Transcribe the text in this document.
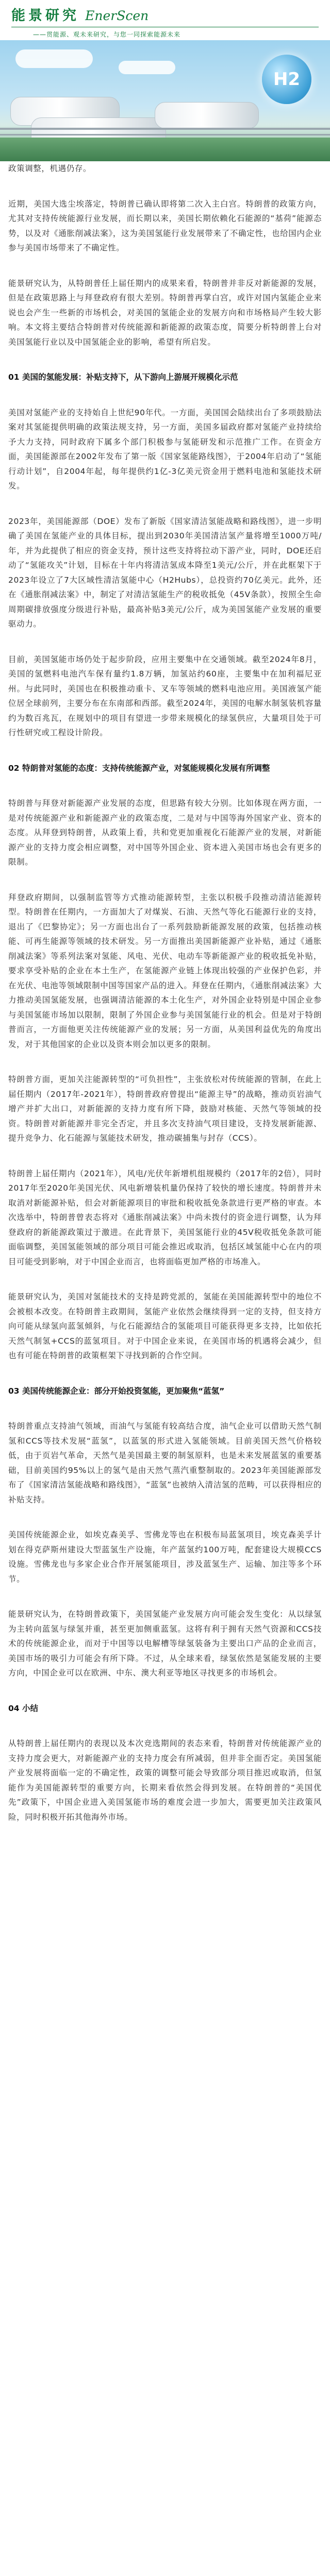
能景研究 EnerScen
——贯能源、观未来研究，与您一同探索能源未来
H2

政策调整，机遇仍存。

近期，美国大选尘埃落定，特朗普已确认即将第二次入主白宫。特朗普的政策方向，尤其对支持传统能源行业发展，而长期以来，美国长期依赖化石能源的“基荷”能源态势，以及对《通胀削减法案》，这为美国氢能行业发展带来了不确定性，也给国内企业参与美国市场带来了不确定性。

能景研究认为，从特朗普任上届任期内的成果来看，特朗普并非反对新能源的发展，但是在政策思路上与拜登政府有很大差别。特朗普再掌白宫，或许对国内氢能企业来说也会产生一些新的市场机会，对美国的氢能企业的发展方向和市场格局产生较大影响。本文将主要结合特朗普对传统能源和新能源的政策态度，简要分析特朗普上台对美国氢能行业以及中国氢能企业的影响，希望有所启发。

01 美国的氢能发展：补贴支持下，从下游向上游展开规模化示范

美国对氢能产业的支持始自上世纪90年代。一方面，美国国会陆续出台了多项鼓励法案对其氢能提供明确的政策法规支持，另一方面，美国多届政府都对氢能产业持续给予大力支持，同时政府下属多个部门积极参与氢能研发和示范推广工作。在资金方面，美国能源部在2002年发布了第一版《国家氢能路线图》，于2004年启动了“氢能行动计划”，自2004年起，每年提供约1亿-3亿美元资金用于燃料电池和氢能技术研发。

2023年，美国能源部（DOE）发布了新版《国家清洁氢能战略和路线图》，进一步明确了美国在氢能产业的具体目标，提出到2030年美国清洁氢产量将增至1000万吨/年，并为此提供了相应的资金支持，预计这些支持将拉动下游产业，同时，DOE还启动了“氢能攻关”计划，目标在十年内将清洁氢成本降至1美元/公斤，并在此框架下于2023年设立了7大区域性清洁氢能中心（H2Hubs），总投资约70亿美元。此外，还在《通胀削减法案》中，制定了对清洁氢能生产的税收抵免（45V条款），按照全生命周期碳排放强度分级进行补贴，最高补贴3美元/公斤，成为美国氢能产业发展的重要驱动力。

目前，美国氢能市场仍处于起步阶段，应用主要集中在交通领域。截至2024年8月，美国的氢燃料电池汽车保有量约1.8万辆，加氢站约60座，主要集中在加利福尼亚州。与此同时，美国也在积极推动重卡、叉车等领域的燃料电池应用。美国液氢产能位居全球前列，主要分布在东南部和西部。截至2024年，美国的电解水制氢装机容量约为数百兆瓦，在规划中的项目有望进一步带来规模化的绿氢供应，大量项目处于可行性研究或工程设计阶段。

02 特朗普对氢能的态度：支持传统能源产业，对氢能规模化发展有所调整

特朗普与拜登对新能源产业发展的态度，但思路有较大分别。比如体现在两方面，一是对传统能源产业和新能源产业的政策态度，二是对与中国等海外国家产业、资本的态度。从拜登到特朗普，从政策上看，共和党更加重视化石能源产业的发展，对新能源产业的支持力度会相应调整，对中国等外国企业、资本进入美国市场也会有更多的限制。

拜登政府期间，以强制监管等方式推动能源转型，主张以积极手段推动清洁能源转型。特朗普在任期内，一方面加大了对煤炭、石油、天然气等化石能源行业的支持，退出了《巴黎协定》；另一方面也出台了一系列鼓励新能源发展的政策，包括推动核能、可再生能源等领域的技术研发。另一方面推出美国新能源产业补贴，通过《通胀削减法案》等系列法案对氢能、风电、光伏、电动车等新能源产业的税收抵免补贴，要求享受补贴的企业在本土生产，在氢能源产业链上体现出较强的产业保护色彩，并在光伏、电池等领域限制中国等国家产品的进入。拜登在任期内，《通胀削减法案》大力推动美国氢能发展，也强调清洁能源的本土化生产，对外国企业特别是中国企业参与美国氢能市场加以限制，限制了外国企业参与美国氢能行业的机会。但是对于特朗普而言，一方面他更关注传统能源产业的发展；另一方面，从美国利益优先的角度出发，对于其他国家的企业以及资本则会加以更多的限制。

特朗普方面，更加关注能源转型的“可负担性”，主张放松对传统能源的管制，在此上届任期内（2017年-2021年），特朗普政府曾提出“能源主导”的战略，推动页岩油气增产并扩大出口，对新能源的支持力度有所下降，鼓励对核能、天然气等领域的投资。特朗普对新能源并非完全否定，并且多次支持油气项目建设，支持发展新能源、提升竞争力、化石能源与氢能技术研发，推动碳捕集与封存（CCS）。

特朗普上届任期内（2021年），风电/光伏年新增机组规模约（2017年的2倍），同时2017年至2020年美国光伏、风电新增装机量仍保持了较快的增长速度。特朗普并未取消对新能源补贴，但会对新能源项目的审批和税收抵免条款进行更严格的审查。本次选举中，特朗普曾表态将对《通胀削减法案》中尚未拨付的资金进行调整，认为拜登政府的新能源政策过于激进。在此背景下，美国氢能行业的45V税收抵免条款可能面临调整，美国氢能领域的部分项目可能会推迟或取消，包括区域氢能中心在内的项目可能受到影响，对于中国企业而言，也将面临更加严格的市场准入。

能景研究认为，美国对氢能技术的支持是跨党派的，氢能在美国能源转型中的地位不会被根本改变。在特朗普主政期间，氢能产业依然会继续得到一定的支持，但支持方向可能从绿氢向蓝氢倾斜，与化石能源结合的氢能项目可能获得更多支持，比如依托天然气制氢+CCS的蓝氢项目。对于中国企业来说，在美国市场的机遇将会减少，但也有可能在特朗普的政策框架下寻找到新的合作空间。

03 美国传统能源企业：部分开始投资氢能，更加聚焦“蓝氢”

特朗普重点支持油气领域，而油气与氢能有较高结合度，油气企业可以借助天然气制氢和CCS等技术发展“蓝氢”，以蓝氢的形式进入氢能领域。目前美国天然气价格较低，由于页岩气革命，天然气是美国最主要的制氢原料，也是未来发展蓝氢的重要基础，目前美国约95%以上的氢气是由天然气蒸汽重整制取的。2023年美国能源部发布了《国家清洁氢能战略和路线图》，“蓝氢”也被纳入清洁氢的范畴，可以获得相应的补贴支持。

美国传统能源企业，如埃克森美孚、雪佛龙等也在积极布局蓝氢项目，埃克森美孚计划在得克萨斯州建设大型蓝氢生产设施，年产蓝氢约100万吨，配套建设大规模CCS设施。雪佛龙也与多家企业合作开展氢能项目，涉及蓝氢生产、运输、加注等多个环节。

能景研究认为，在特朗普政策下，美国氢能产业发展方向可能会发生变化：从以绿氢为主转向蓝氢与绿氢并重，甚至更加侧重蓝氢。这将有利于拥有天然气资源和CCS技术的传统能源企业，而对于中国等以电解槽等绿氢装备为主要出口产品的企业而言，美国市场的吸引力可能会有所下降。不过，从全球来看，绿氢依然是氢能发展的主要方向，中国企业可以在欧洲、中东、澳大利亚等地区寻找更多的市场机会。

04 小结

从特朗普上届任期内的表现以及本次竞选期间的表态来看，特朗普对传统能源产业的支持力度会更大，对新能源产业的支持力度会有所减弱，但并非全面否定。美国氢能产业发展将面临一定的不确定性，政策的调整可能会导致部分项目推迟或取消，但氢能作为美国能源转型的重要方向，长期来看依然会得到发展。在特朗普的“美国优先”政策下，中国企业进入美国氢能市场的难度会进一步加大，需要更加关注政策风险，同时积极开拓其他海外市场。
